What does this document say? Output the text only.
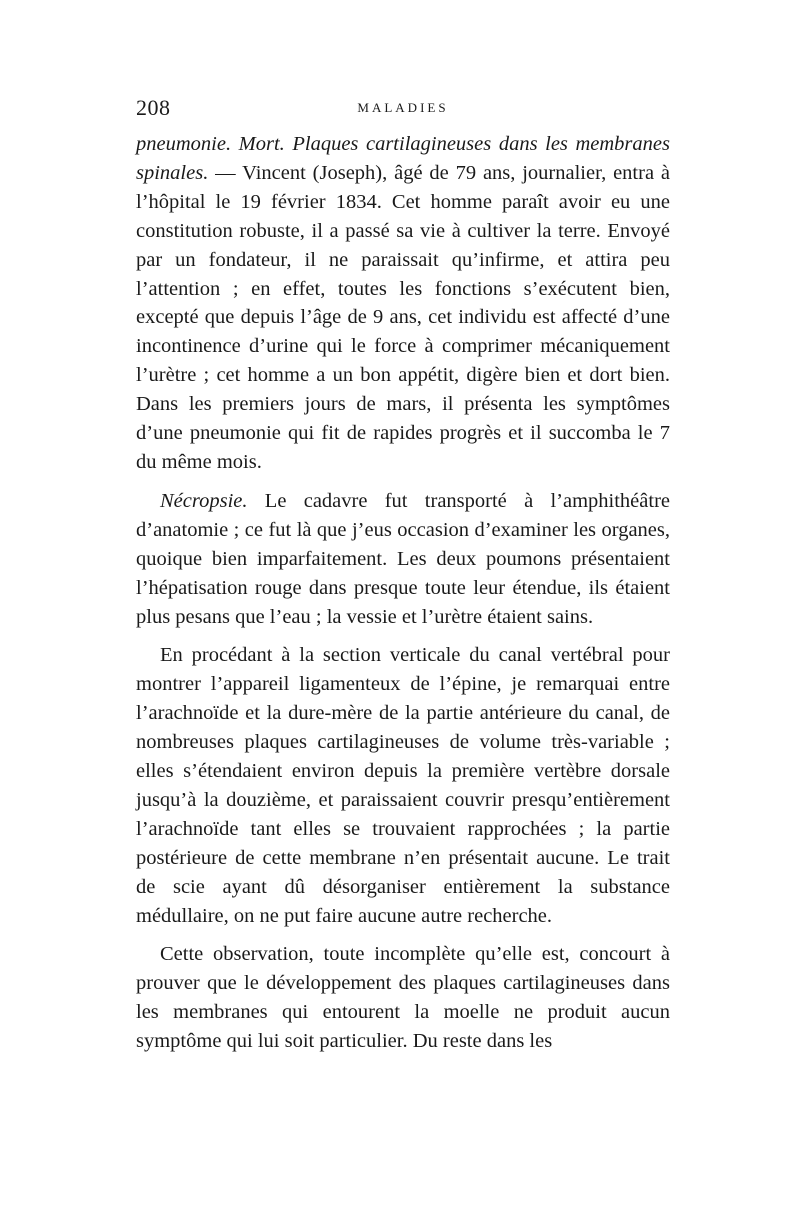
208	MALADIES

pneumonie. Mort. Plaques cartilagineuses dans les membranes spinales. — Vincent (Joseph), âgé de 79 ans, journalier, entra à l’hôpital le 19 février 1834. Cet homme paraît avoir eu une constitution robuste, il a passé sa vie à cultiver la terre. Envoyé par un fondateur, il ne paraissait qu’infirme, et attira peu l’attention ; en effet, toutes les fonctions s’exécutent bien, excepté que depuis l’âge de 9 ans, cet individu est affecté d’une incontinence d’urine qui le force à comprimer mécaniquement l’urètre ; cet homme a un bon appétit, digère bien et dort bien. Dans les premiers jours de mars, il présenta les symptômes d’une pneumonie qui fit de rapides progrès et il succomba le 7 du même mois.

Nécropsie. Le cadavre fut transporté à l’amphithéâtre d’anatomie ; ce fut là que j’eus occasion d’examiner les organes, quoique bien imparfaitement. Les deux poumons présentaient l’hépatisation rouge dans presque toute leur étendue, ils étaient plus pesans que l’eau ; la vessie et l’urètre étaient sains.

En procédant à la section verticale du canal vertébral pour montrer l’appareil ligamenteux de l’épine, je remarquai entre l’arachnoïde et la dure-mère de la partie antérieure du canal, de nombreuses plaques cartilagineuses de volume très-variable ; elles s’étendaient environ depuis la première vertèbre dorsale jusqu’à la douzième, et paraissaient couvrir presqu’entièrement l’arachnoïde tant elles se trouvaient rapprochées ; la partie postérieure de cette membrane n’en présentait aucune. Le trait de scie ayant dû désorganiser entièrement la substance médullaire, on ne put faire aucune autre recherche.

Cette observation, toute incomplète qu’elle est, concourt à prouver que le développement des plaques cartilagineuses dans les membranes qui entourent la moelle ne produit aucun symptôme qui lui soit particulier. Du reste dans les
